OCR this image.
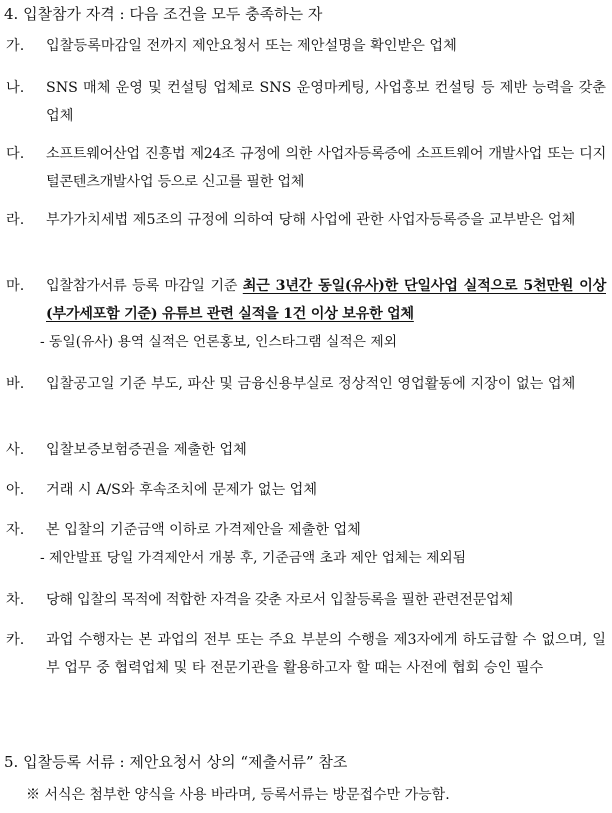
4. 입찰참가 자격 : 다음 조건을 모두 충족하는 자
가. 입찰등록마감일 전까지 제안요청서 또는 제안설명을 확인받은 업체
나. SNS 매체 운영 및 컨설팅 업체로 SNS 운영마케팅, 사업홍보 컨설팅 등 제반 능력을 갖춘 업체
다. 소프트웨어산업 진흥법 제24조 규정에 의한 사업자등록증에 소프트웨어 개발사업 또는 디지털콘텐츠개발사업 등으로 신고를 필한 업체
라. 부가가치세법 제5조의 규정에 의하여 당해 사업에 관한 사업자등록증을 교부받은 업체
마. 입찰참가서류 등록 마감일 기준 최근 3년간 동일(유사)한 단일사업 실적으로 5천만원 이상(부가세포함 기준) 유튜브 관련 실적을 1건 이상 보유한 업체
- 동일(유사) 용역 실적은 언론홍보, 인스타그램 실적은 제외
바. 입찰공고일 기준 부도, 파산 및 금융신용부실로 정상적인 영업활동에 지장이 없는 업체
사. 입찰보증보험증권을 제출한 업체
아. 거래 시 A/S와 후속조치에 문제가 없는 업체
자. 본 입찰의 기준금액 이하로 가격제안을 제출한 업체
- 제안발표 당일 가격제안서 개봉 후, 기준금액 초과 제안 업체는 제외됨
차. 당해 입찰의 목적에 적합한 자격을 갖춘 자로서 입찰등록을 필한 관련전문업체
카. 과업 수행자는 본 과업의 전부 또는 주요 부분의 수행을 제3자에게 하도급할 수 없으며, 일부 업무 중 협력업체 및 타 전문기관을 활용하고자 할 때는 사전에 협회 승인 필수
5. 입찰등록 서류 : 제안요청서 상의 “제출서류” 참조
※ 서식은 첨부한 양식을 사용 바라며, 등록서류는 방문접수만 가능함.
